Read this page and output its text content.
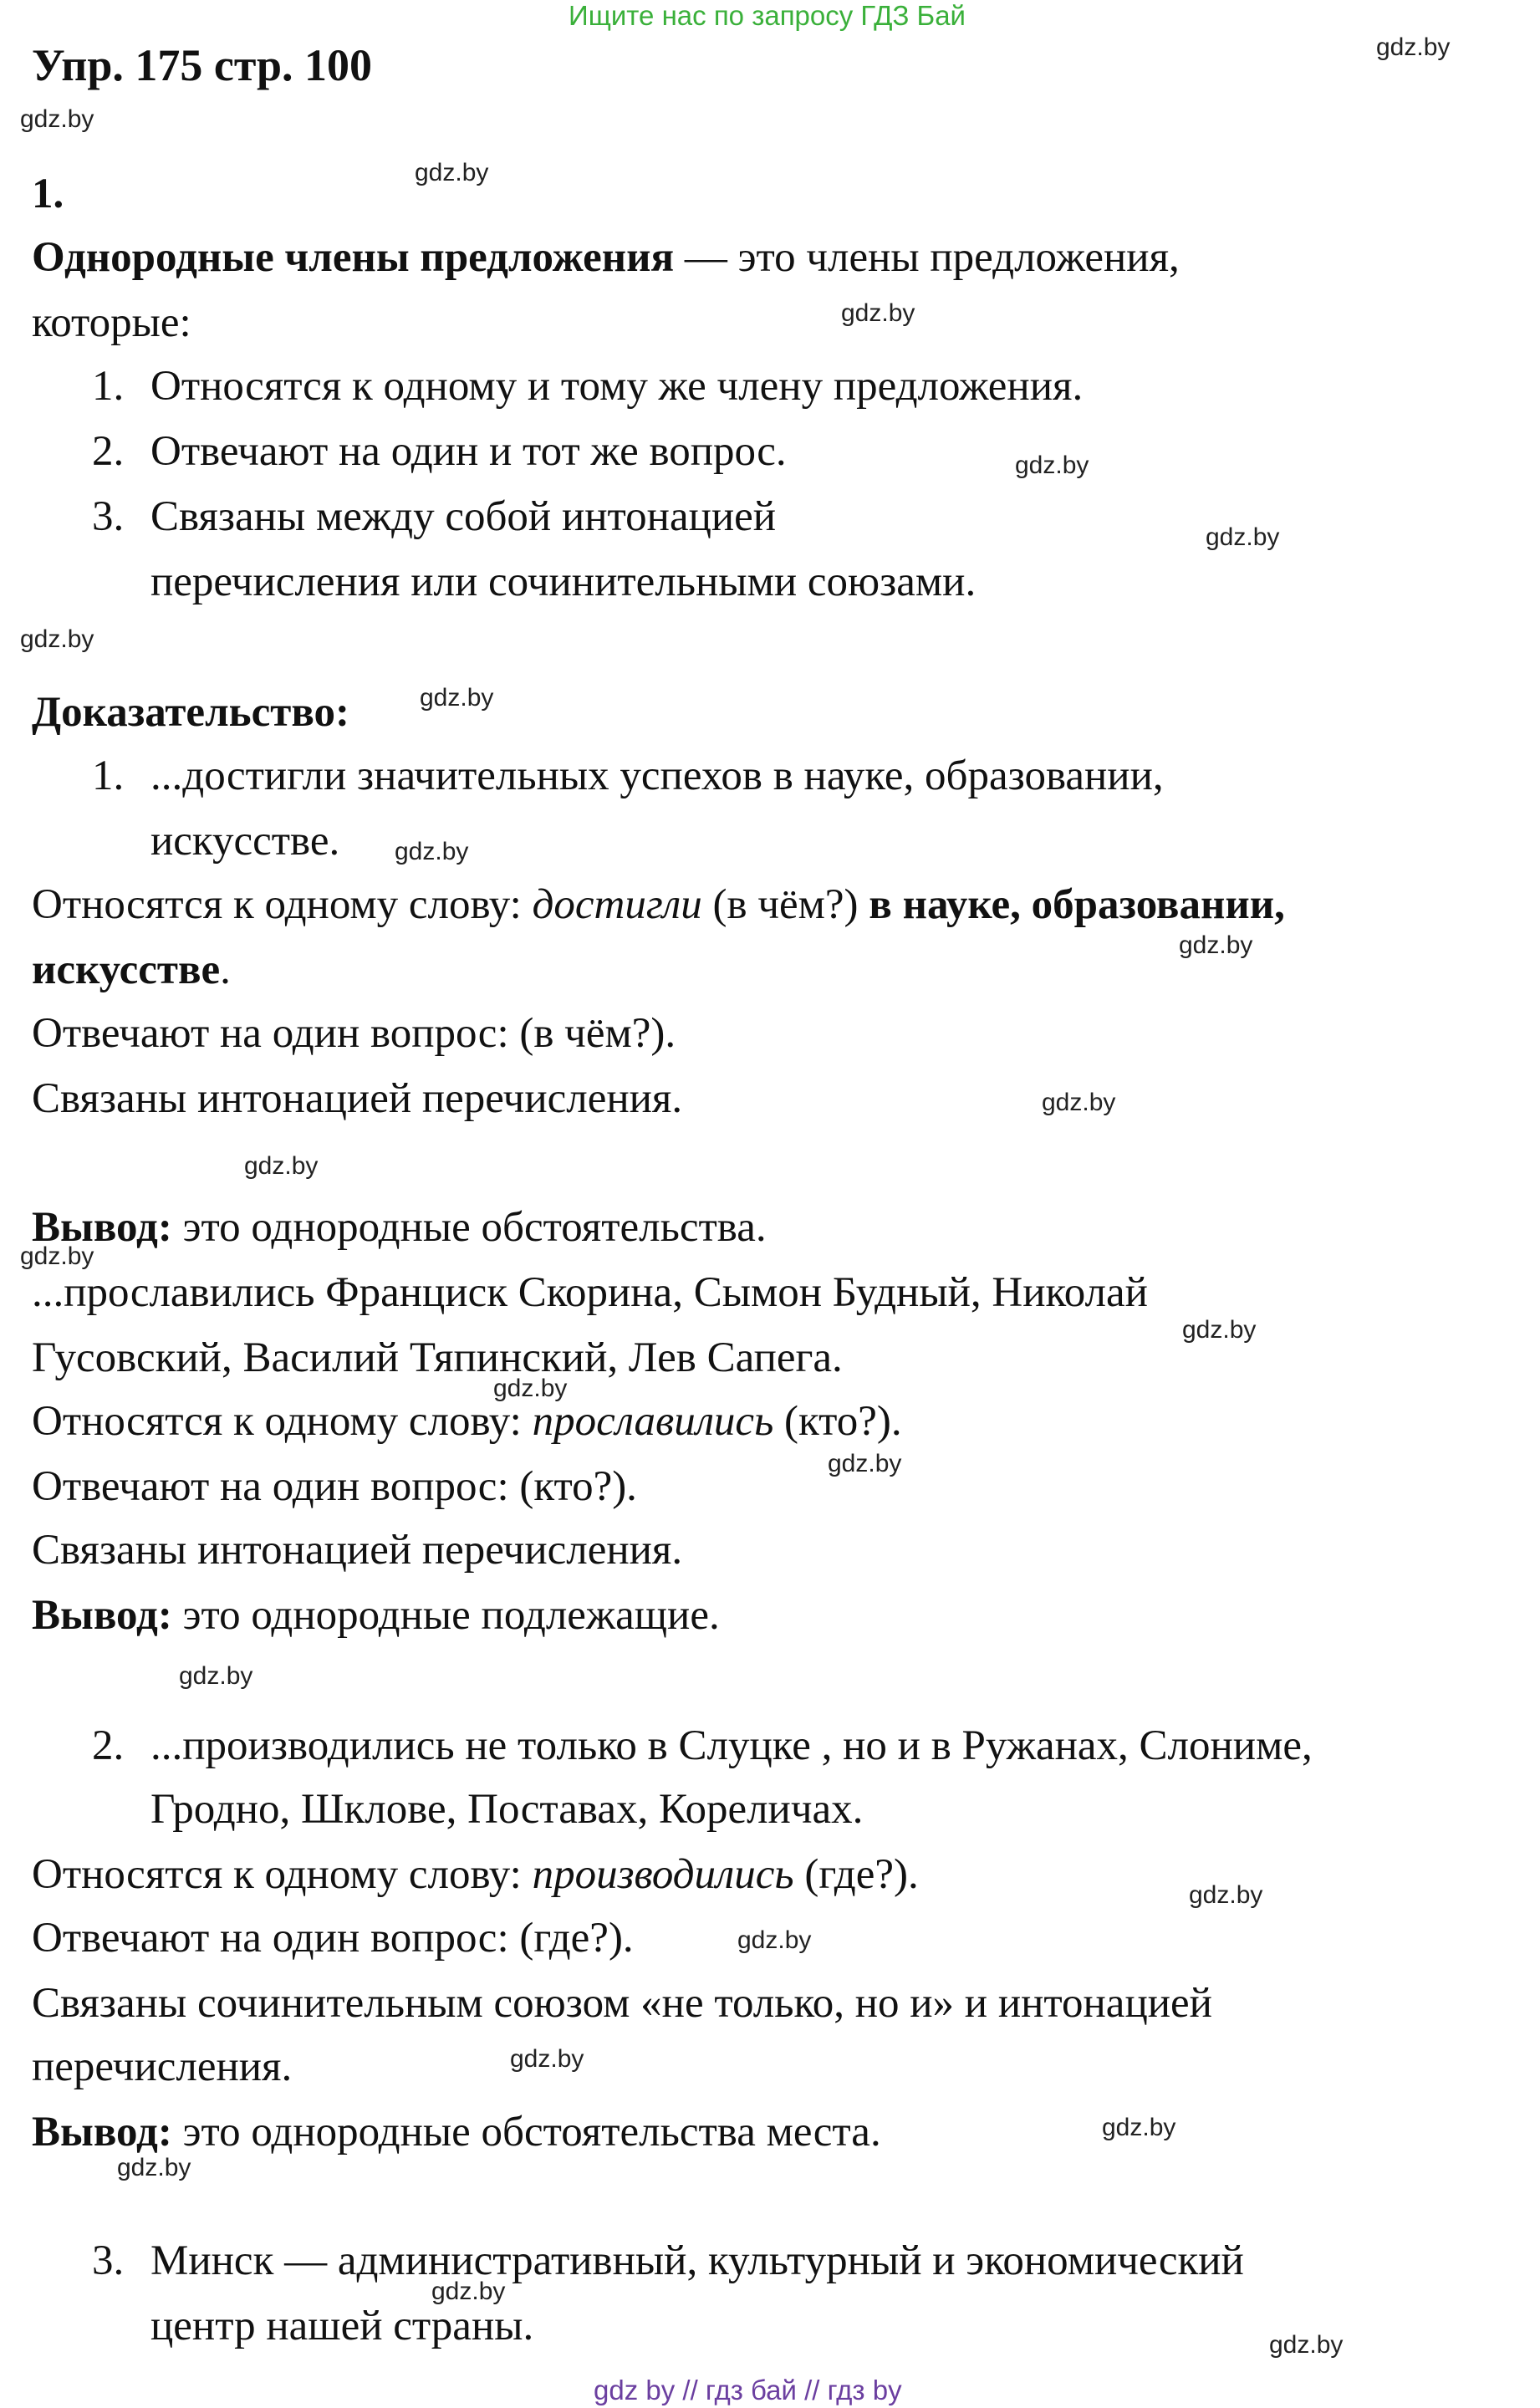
Ищите нас по запросу ГДЗ Бай
Упр. 175 стр. 100
1.
Однородные члены предложения — это члены предложения,
которые:
1. Относятся к одному и тому же члену предложения.
2. Отвечают на один и тот же вопрос.
3. Связаны между собой интонацией
перечисления или сочинительными союзами.
Доказательство:
1. ...достигли значительных успехов в науке, образовании,
искусстве.
Относятся к одному слову: достигли (в чём?) в науке, образовании,
искусстве.
Отвечают на один вопрос: (в чём?).
Связаны интонацией перечисления.
Вывод: это однородные обстоятельства.
...прославились Франциск Скорина, Сымон Будный, Николай
Гусовский, Василий Тяпинский, Лев Сапега.
Относятся к одному слову: прославились (кто?).
Отвечают на один вопрос: (кто?).
Связаны интонацией перечисления.
Вывод: это однородные подлежащие.
2. ...производились не только в Слуцке , но и в Ружанах, Слониме,
Гродно, Шклове, Поставах, Кореличах.
Относятся к одному слову: производились (где?).
Отвечают на один вопрос: (где?).
Связаны сочинительным союзом «не только, но и» и интонацией
перечисления.
Вывод: это однородные обстоятельства места.
3. Минск — административный, культурный и экономический
центр нашей страны.
gdz.by
gdz.by
gdz.by
gdz.by
gdz.by
gdz.by
gdz.by
gdz.by
gdz.by
gdz.by
gdz.by
gdz.by
gdz.by
gdz.by
gdz.by
gdz.by
gdz.by
gdz.by
gdz.by
gdz.by
gdz.by
gdz.by
gdz.by
gdz.by
gdz by // гдз бай // гдз by
